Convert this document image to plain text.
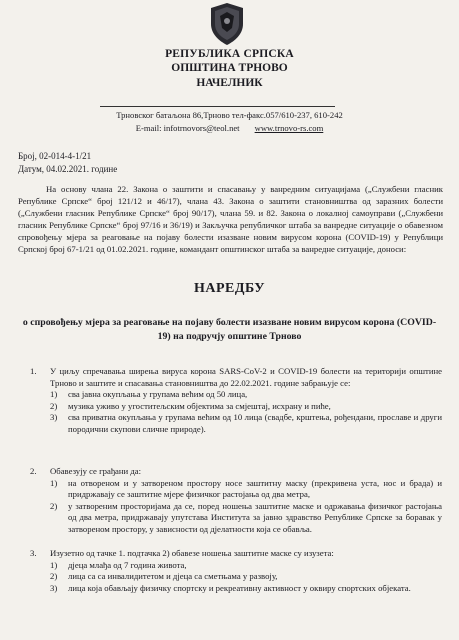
РЕПУБЛИКА СРПСКА
ОПШТИНА ТРНОВО
НАЧЕЛНИК
Трновског батаљона 86,Трново тел-факс.057/610-237, 610-242
E-mail: infotrnovors@teol.net www.trnovo-rs.com
Број, 02-014-4-1/21
Датум, 04.02.2021. године

На основу члана 22. Закона о заштити и спасавању у ванредним ситуацијама („Службени гласник Републике Српске“ број 121/12 и 46/17), члана 43. Закона о заштити становништва од заразних болести („Службени гласник Републике Српске“ број 90/17), члана 59. и 82. Закона о локалној самоуправи („Службени гласник Републике Српске“ број 97/16 и 36/19) и Закључка републичког штаба за ванредне ситуације о обавезном спровођењу мјера за реаговање на појаву болести изазване новим вирусом корона (COVID-19) у Републици Српској број 67-1/21 од 01.02.2021. године, командант општинског штаба за ванредне ситуације, доноси:

НАРЕДБУ

о спровођењу мјера за реаговање на појаву болести изазване новим вирусом корона (COVID-19) на подручју општине Трново

1. У циљу спречавања ширења вируса корона SARS-CoV-2 и COVID-19 болести на територији општине Трново и заштите и спасавања становништва до 22.02.2021. године забрањује се:
1) сва јавна окупљања у групама већим од 50 лица,
2) музика уживо у угоститељским објектима за смјештај, исхрану и пиће,
3) сва приватна окупљања у групама већим од 10 лица (свадбе, крштења, рођендани, прославе и други породични скупови сличне природе).
2. Обавезују се грађани да:
1) на отвореном и у затвореном простору носе заштитну маску (прекривена уста, нос и брада) и придржавају се заштитне мјере физичког растојања од два метра,
2) у затвореним просторијама да се, поред ношења заштитне маске и одржавања физичког растојања од два метра, придржавају упутстава Института за јавно здравство Републике Српске за боравак у затвореном простору, у зависности од дјелатности која се обавља.
3. Изузетно од тачке 1. подтачка 2) обавезе ношења заштитне маске су изузета:
1) дјеца млађа од 7 година живота,
2) лица са са инвалидитетом и дјеца са сметњама у развоју,
3) лица која обављају физичку спортску и рекреативну активност у оквиру спортских објеката.
